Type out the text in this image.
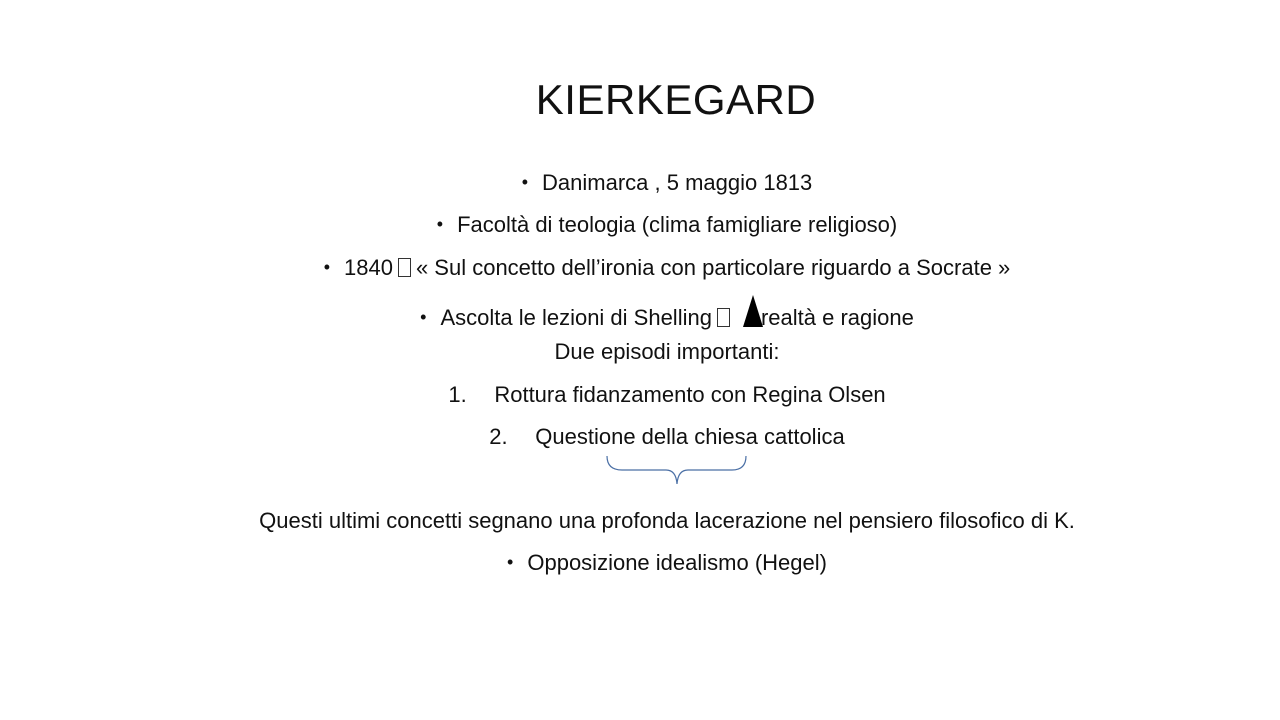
KIERKEGARD
• Danimarca , 5 maggio 1813
• Facoltà di teologia (clima famigliare religioso)
• 1840 « Sul concetto dell’ironia con particolare riguardo a Socrate »
• Ascolta le lezioni di Shelling realtà e ragione
Due episodi importanti:
1. Rottura fidanzamento con Regina Olsen
2. Questione della chiesa cattolica
Questi ultimi concetti segnano una profonda lacerazione nel pensiero filosofico di K.
• Opposizione idealismo (Hegel)
